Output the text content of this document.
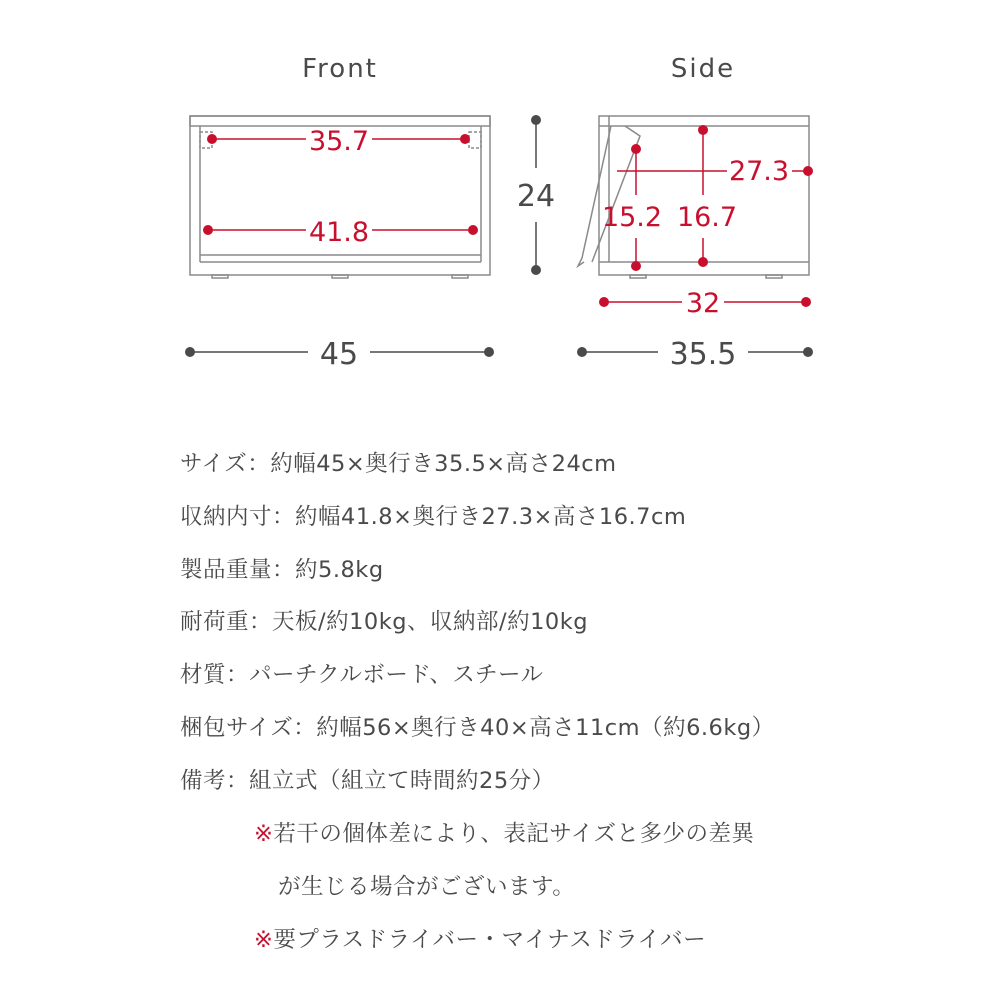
Front	Side
35.7
41.8
24
45
27.3
15.2 16.7
32
35.5
サイズ：約幅45×奥行き35.5×高さ24cm
収納内寸：約幅41.8×奥行き27.3×高さ16.7cm
製品重量：約5.8kg
耐荷重：天板/約10kg、収納部/約10kg
材質：パーチクルボード、スチール
梱包サイズ：約幅56×奥行き40×高さ11cm（約6.6kg）
備考：組立式（組立て時間約25分）
※若干の個体差により、表記サイズと多少の差異
が生じる場合がございます。
※要プラスドライバー・マイナスドライバー
